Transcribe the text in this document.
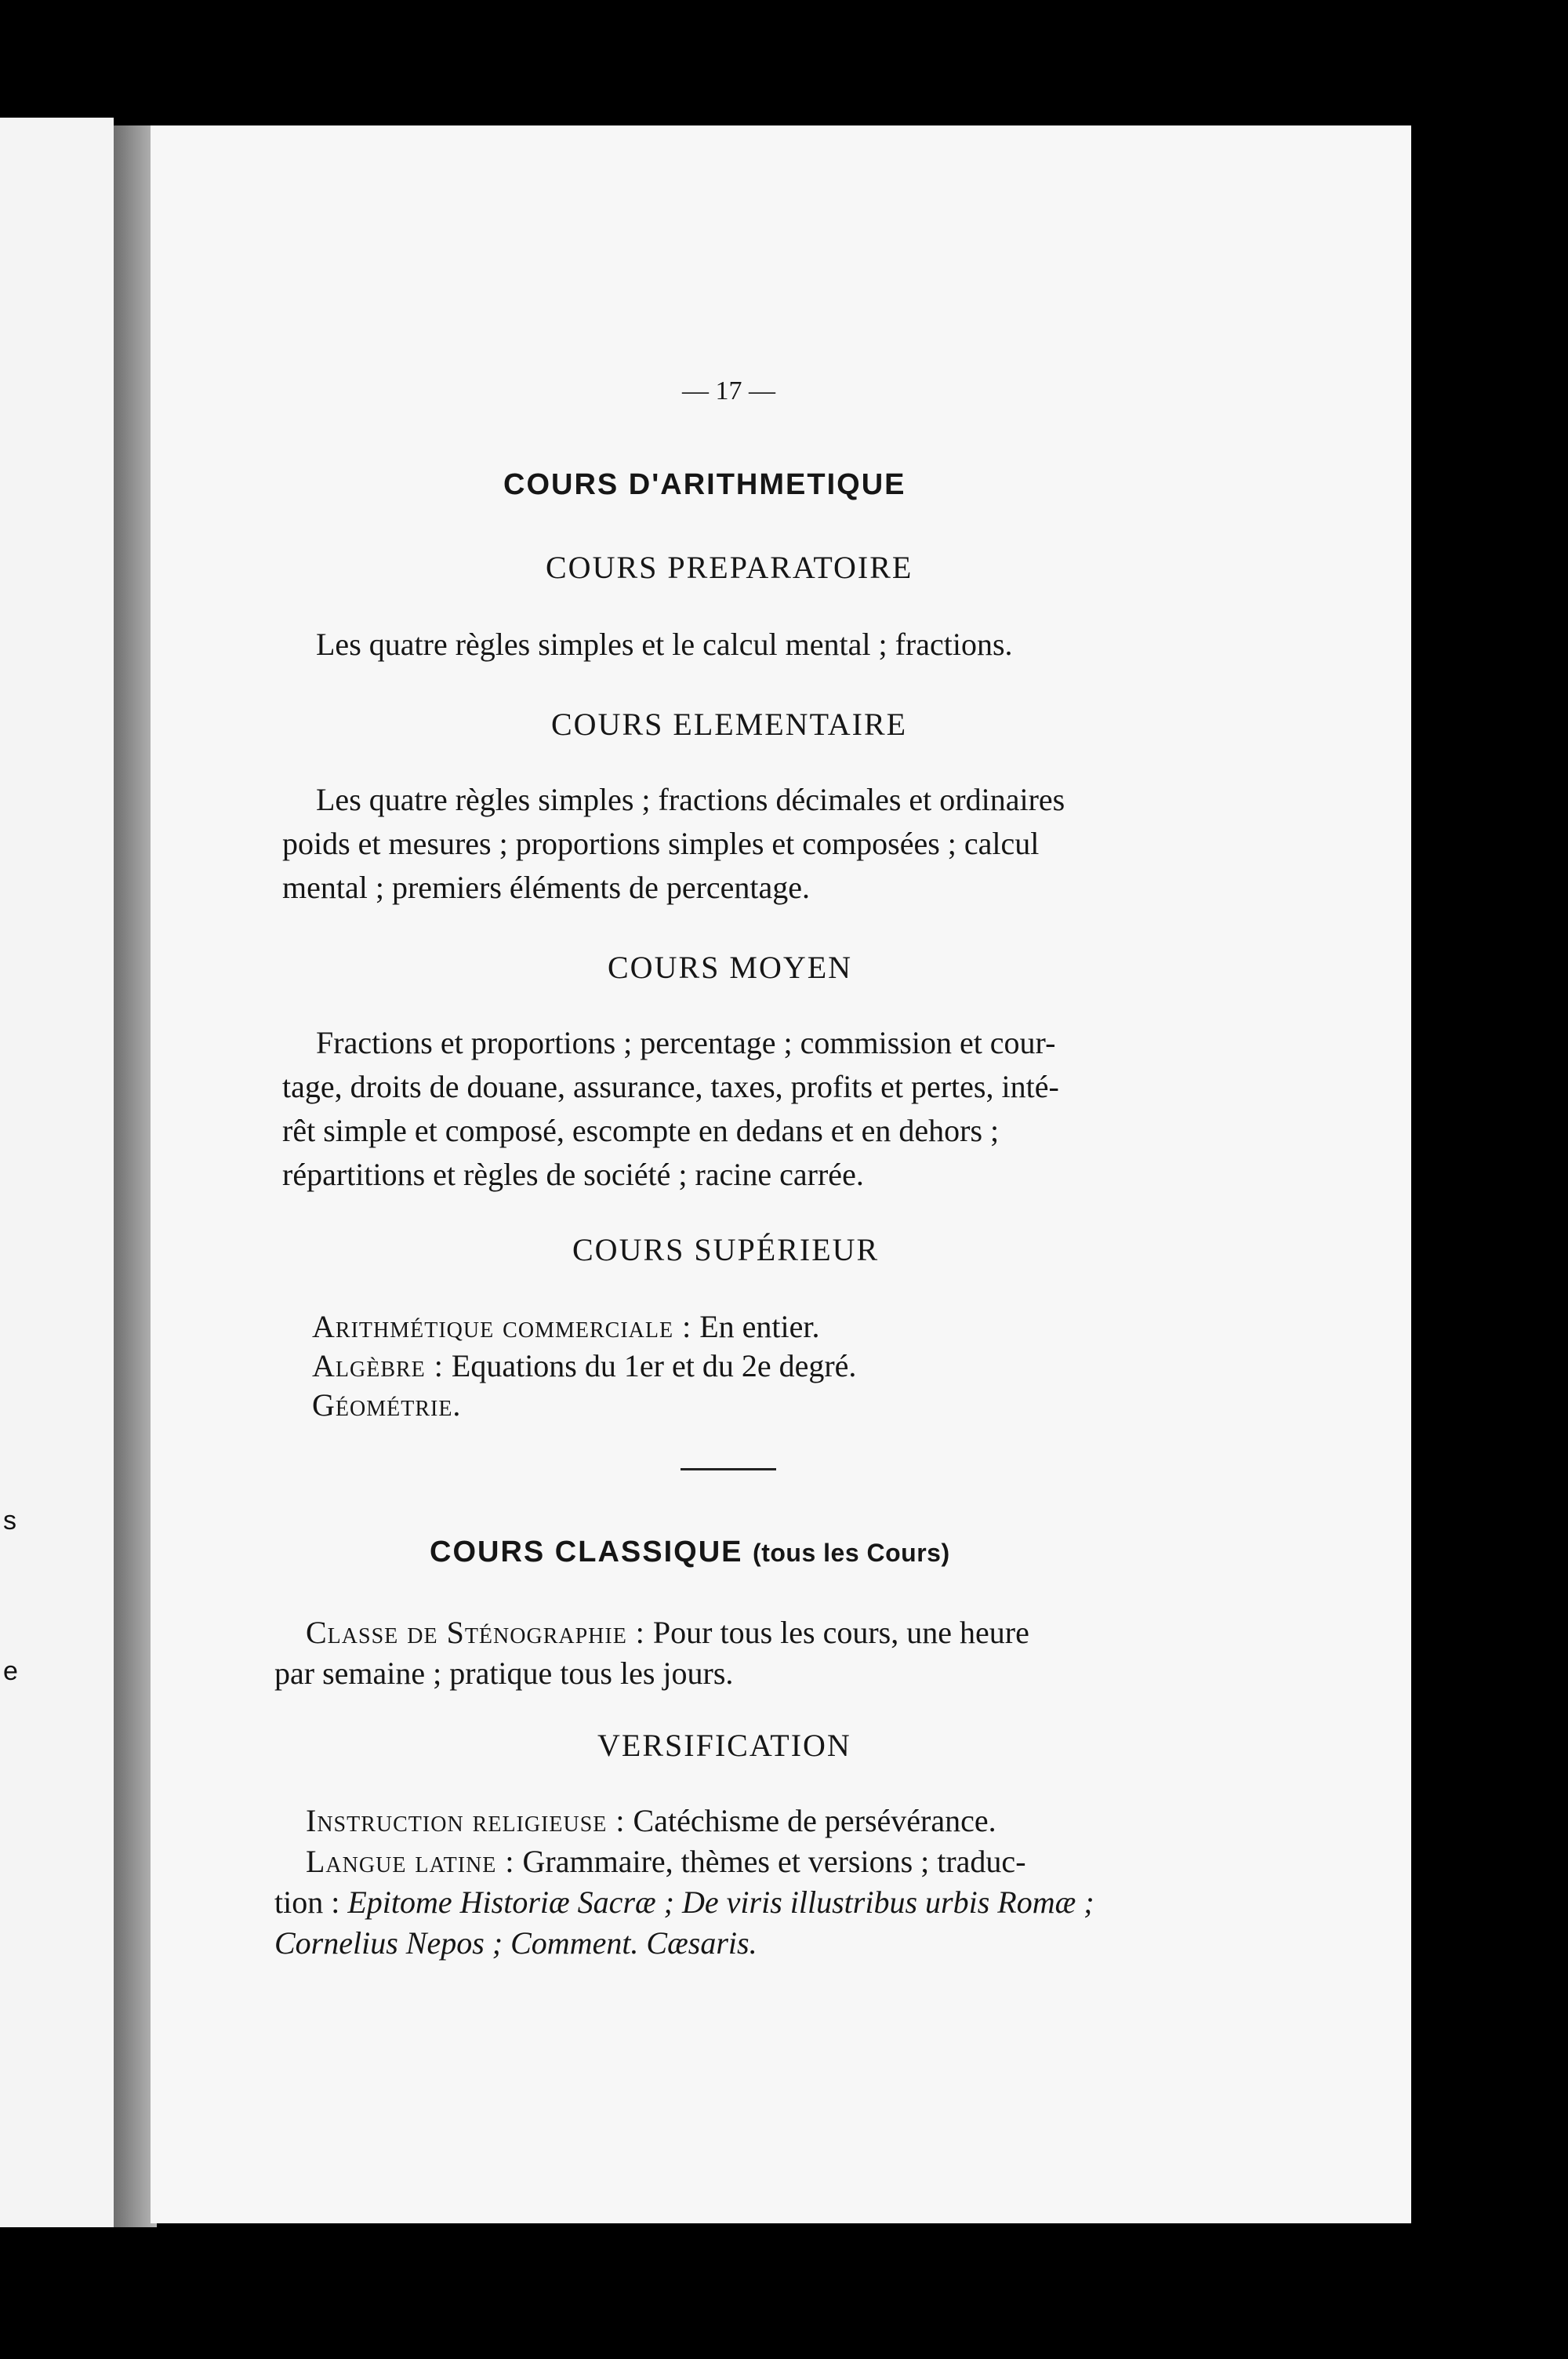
s
e
— 17 —
COURS D'ARITHMETIQUE
COURS PREPARATOIRE
Les quatre règles simples et le calcul mental ; fractions.
COURS ELEMENTAIRE
Les quatre règles simples ; fractions décimales et ordinaires
poids et mesures ; proportions simples et composées ; calcul
mental ; premiers éléments de percentage.
COURS MOYEN
Fractions et proportions ; percentage ; commission et cour-
tage, droits de douane, assurance, taxes, profits et pertes, inté-
rêt simple et composé, escompte en dedans et en dehors ;
répartitions et règles de société ; racine carrée.
COURS SUPÉRIEUR
Arithmétique commerciale : En entier.
Algèbre : Equations du 1er et du 2e degré.
Géométrie.
COURS CLASSIQUE (tous les Cours)
Classe de Sténographie : Pour tous les cours, une heure
par semaine ; pratique tous les jours.
VERSIFICATION
Instruction religieuse : Catéchisme de persévérance.
Langue latine : Grammaire, thèmes et versions ; traduc-
tion : Epitome Historiæ Sacræ ; De viris illustribus urbis Romæ ;
Cornelius Nepos ; Comment. Cæsaris.
